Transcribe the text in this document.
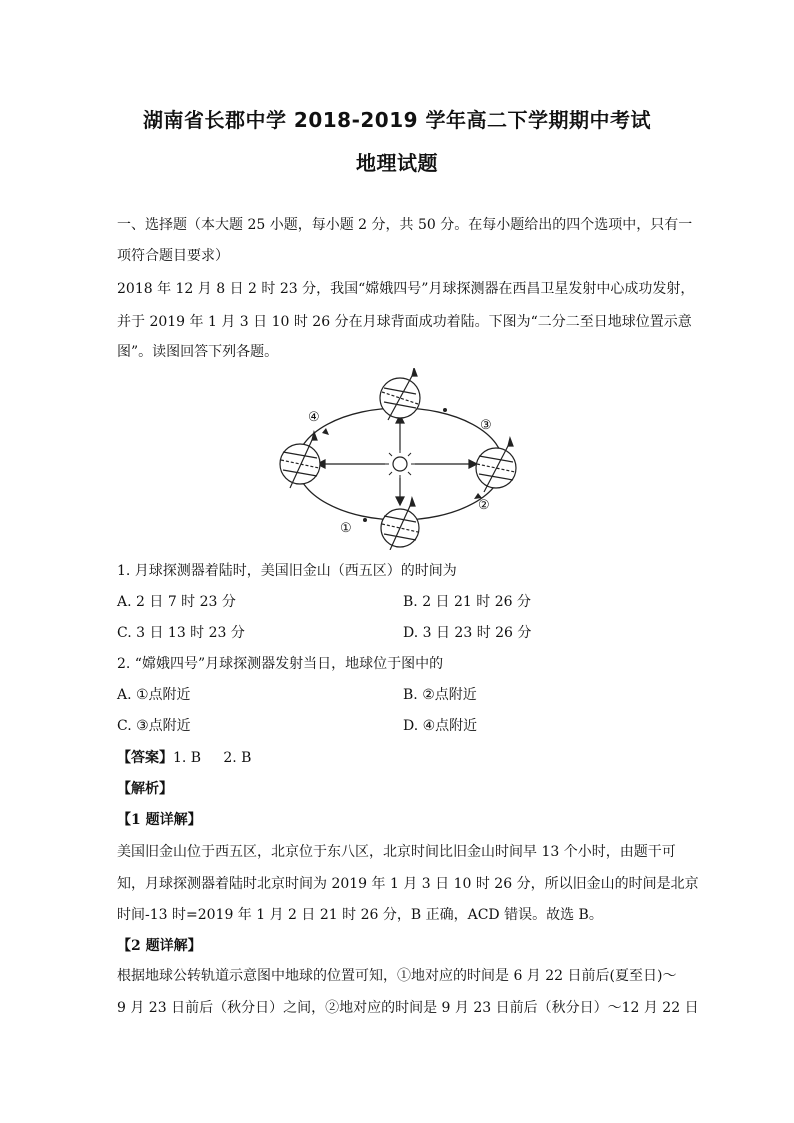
湖南省长郡中学 2018-2019 学年高二下学期期中考试
地理试题
一、选择题（本大题 25 小题，每小题 2 分，共 50 分。在每小题给出的四个选项中，只有一
项符合题目要求）
2018 年 12 月 8 日 2 时 23 分，我国“嫦娥四号”月球探测器在西昌卫星发射中心成功发射，
并于 2019 年 1 月 3 日 10 时 26 分在月球背面成功着陆。下图为“二分二至日地球位置示意
图”。读图回答下列各题。
①
②
③
④
1. 月球探测器着陆时，美国旧金山（西五区）的时间为
A. 2 日 7 时 23 分	B. 2 日 21 时 26 分
C. 3 日 13 时 23 分	D. 3 日 23 时 26 分
2. “嫦娥四号”月球探测器发射当日，地球位于图中的
A. ①点附近	B. ②点附近
C. ③点附近	D. ④点附近
【答案】1. B     2. B
【解析】
【1 题详解】
美国旧金山位于西五区，北京位于东八区，北京时间比旧金山时间早 13 个小时，由题干可
知，月球探测器着陆时北京时间为 2019 年 1 月 3 日 10 时 26 分，所以旧金山的时间是北京
时间-13 时=2019 年 1 月 2 日 21 时 26 分，B 正确，ACD 错误。故选 B。
【2 题详解】
根据地球公转轨道示意图中地球的位置可知，①地对应的时间是 6 月 22 日前后(夏至日)～
9 月 23 日前后（秋分日）之间，②地对应的时间是 9 月 23 日前后（秋分日）～12 月 22 日
